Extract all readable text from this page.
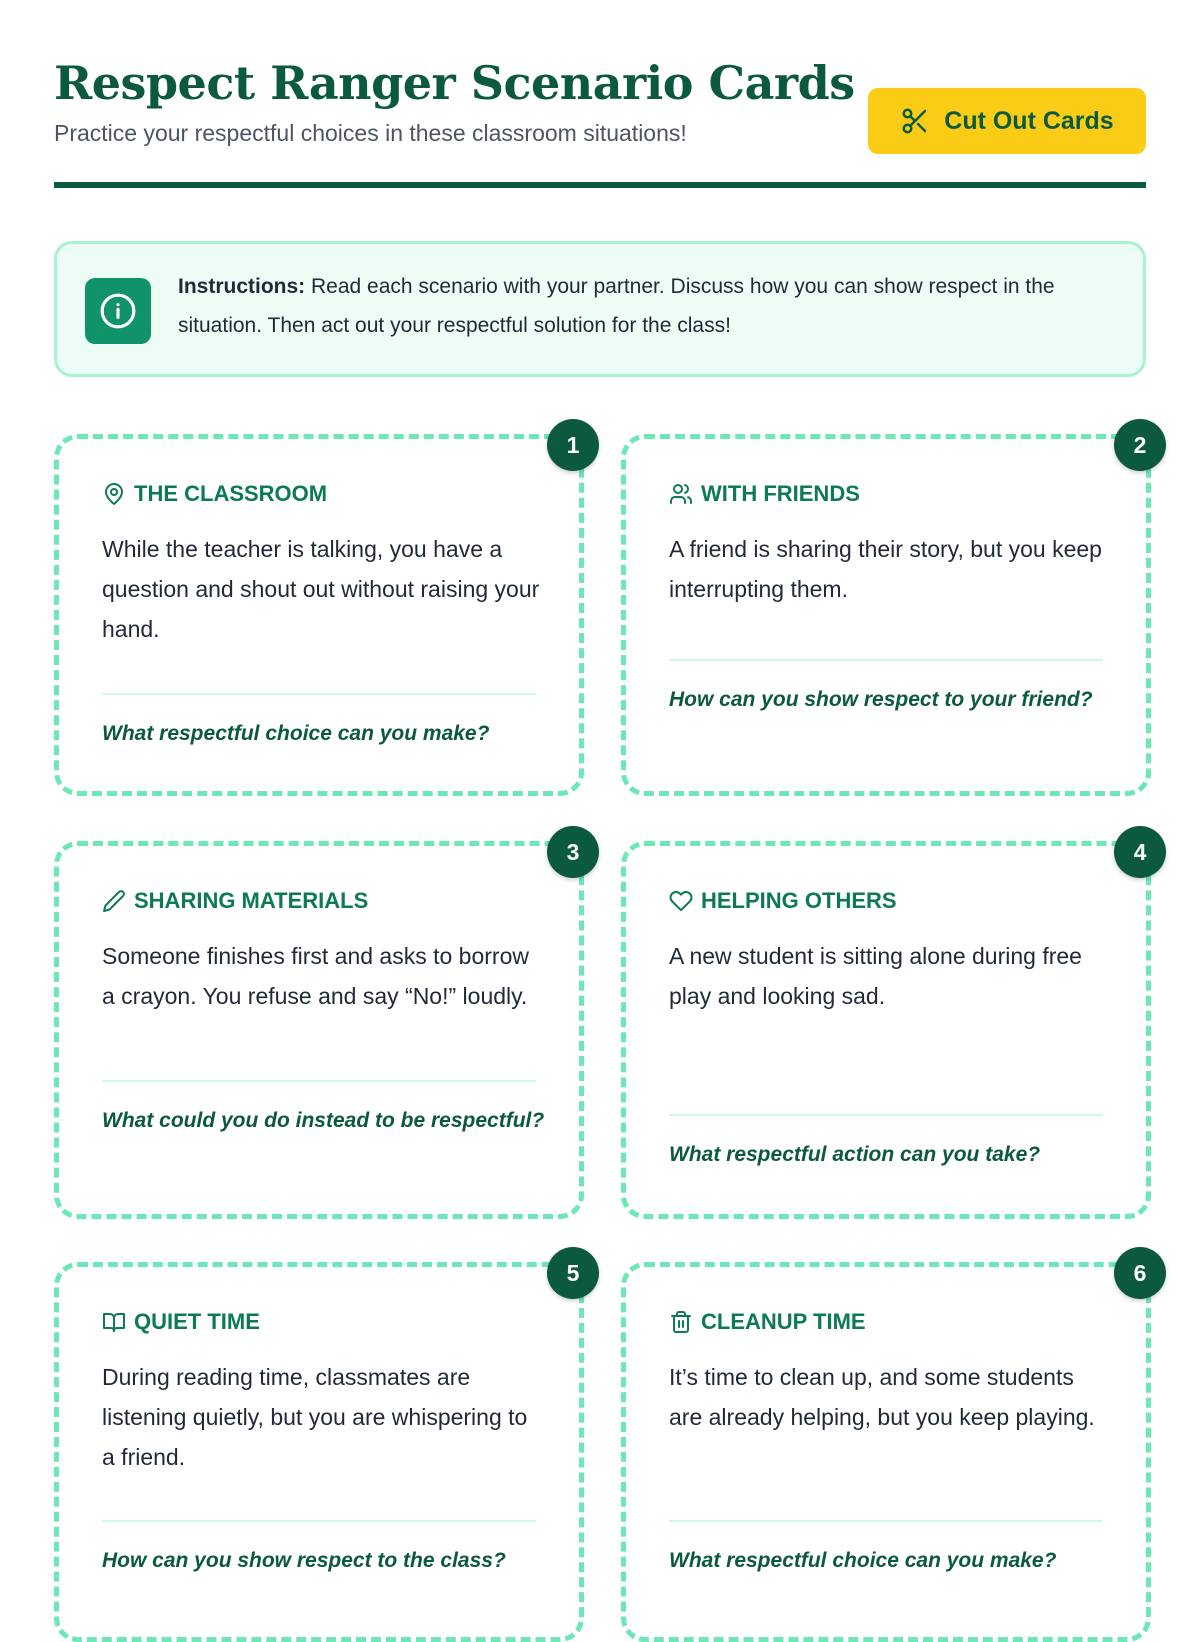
Respect Ranger Scenario Cards
Practice your respectful choices in these classroom situations!	Cut Out Cards
Instructions: Read each scenario with your partner. Discuss how you can show respect in the situation. Then act out your respectful solution for the class!
1
THE CLASSROOM
While the teacher is talking, you have a question and shout out without raising your hand.
What respectful choice can you make?
2
WITH FRIENDS
A friend is sharing their story, but you keep interrupting them.
How can you show respect to your friend?
3
SHARING MATERIALS
Someone finishes first and asks to borrow a crayon. You refuse and say “No!” loudly.
What could you do instead to be respectful?
4
HELPING OTHERS
A new student is sitting alone during free play and looking sad.
What respectful action can you take?
5
QUIET TIME
During reading time, classmates are listening quietly, but you are whispering to a friend.
How can you show respect to the class?
6
CLEANUP TIME
It’s time to clean up, and some students are already helping, but you keep playing.
What respectful choice can you make?
